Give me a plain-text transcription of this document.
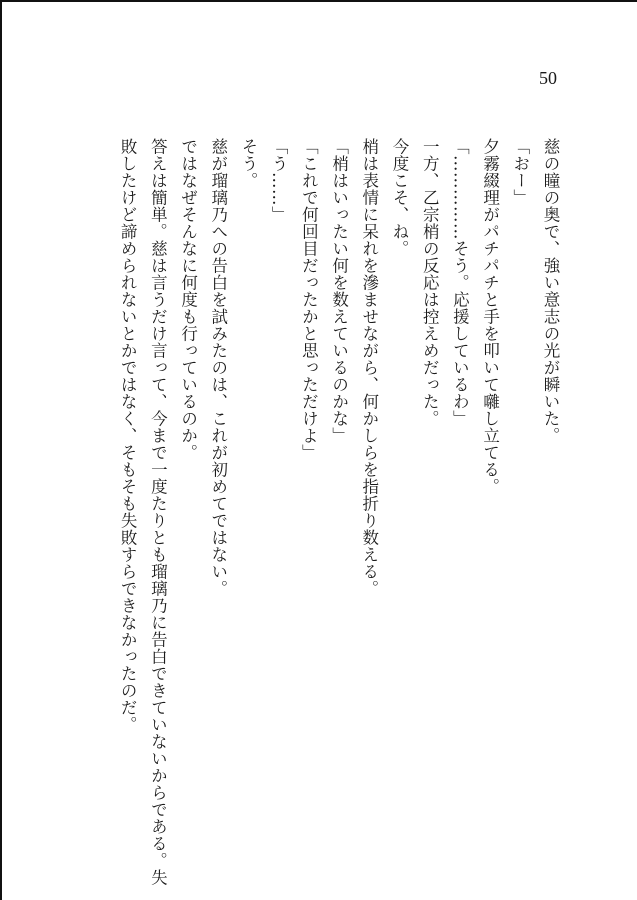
50
慈の瞳の奥で、強い意志の光が瞬いた。
「おー」
夕霧綴理がパチパチと手を叩いて囃し立てる。
「……………そう。応援しているわ」
一方、乙宗梢の反応は控えめだった。
今度こそ、ね。
梢は表情に呆れを滲ませながら、何かしらを指折り数える。
「梢はいったい何を数えているのかな」
「これで何回目だったかと思っただけよ」
「う……」
そう。
慈が瑠璃乃への告白を試みたのは、これが初めてではない。
ではなぜそんなに何度も行っているのか。
答えは簡単。慈は言うだけ言って、今まで一度たりとも瑠璃乃に告白できていないからである。失
敗したけど諦められないとかではなく、そもそも失敗すらできなかったのだ。
